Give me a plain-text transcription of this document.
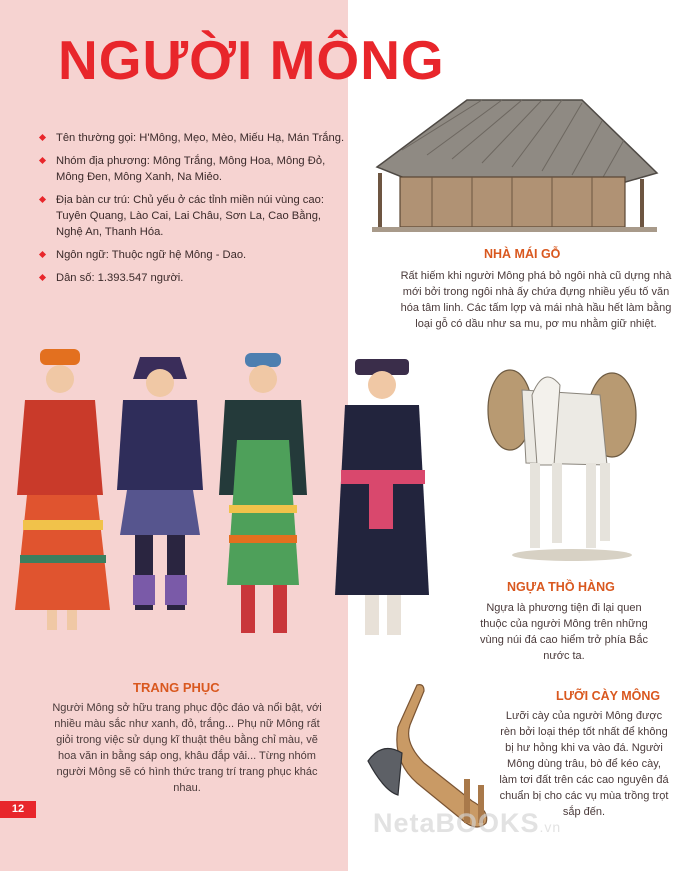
NGƯỜI MÔNG
Tên thường gọi: H'Mông, Mẹo, Mèo, Miếu Hạ, Mán Trắng.
Nhóm địa phương: Mông Trắng, Mông Hoa, Mông Đỏ, Mông Đen, Mông Xanh, Na Miẻo.
Địa bàn cư trú: Chủ yếu ở các tỉnh miền núi vùng cao: Tuyên Quang, Lào Cai, Lai Châu, Sơn La, Cao Bằng, Nghệ An, Thanh Hóa.
Ngôn ngữ: Thuộc ngữ hệ Mông - Dao.
Dân số: 1.393.547 người.
NHÀ MÁI GỖ
Rất hiếm khi người Mông phá bỏ ngôi nhà cũ dựng nhà mới bởi trong ngôi nhà ấy chứa đựng nhiều yếu tố văn hóa tâm linh. Các tấm lợp và mái nhà hầu hết làm bằng loại gỗ có dầu như sa mu, pơ mu nhằm giữ nhiệt.
TRANG PHỤC
Người Mông sở hữu trang phục độc đáo và nổi bật, với nhiều màu sắc như xanh, đỏ, trắng... Phụ nữ Mông rất giỏi trong việc sử dụng kĩ thuật thêu bằng chỉ màu, vẽ hoa văn in bằng sáp ong, khâu đắp vải... Từng nhóm người Mông sẽ có hình thức trang trí trang phục khác nhau.
NGỰA THỒ HÀNG
Ngựa là phương tiện đi lại quen thuộc của người Mông trên những vùng núi đá cao hiểm trở phía Bắc nước ta.
LƯỠI CÀY MÔNG
Lưỡi cày của người Mông được rèn bởi loại thép tốt nhất để không bị hư hỏng khi va vào đá. Người Mông dùng trâu, bò để kéo cày, làm tơi đất trên các cao nguyên đá chuẩn bị cho các vụ mùa trồng trọt sắp đến.
12	NetaBOOKS.vn
